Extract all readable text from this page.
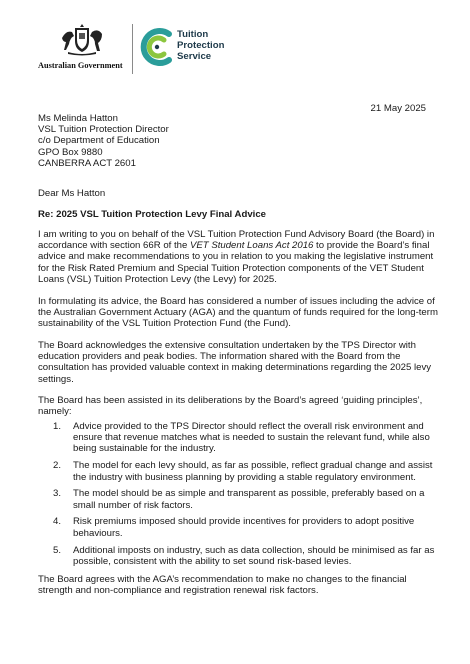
Australian Government
Tuition
Protection
Service
21 May 2025
Ms Melinda Hatton
VSL Tuition Protection Director
c/o Department of Education
GPO Box 9880
CANBERRA ACT 2601
Dear Ms Hatton
Re: 2025 VSL Tuition Protection Levy Final Advice

I am writing to you on behalf of the VSL Tuition Protection Fund Advisory Board (the Board) in accordance with section 66R of the VET Student Loans Act 2016 to provide the Board’s final advice and make recommendations to you in relation to you making the legislative instrument for the Risk Rated Premium and Special Tuition Protection components of the VET Student Loans (VSL) Tuition Protection Levy (the Levy) for 2025.

In formulating its advice, the Board has considered a number of issues including the advice of the Australian Government Actuary (AGA) and the quantum of funds required for the long-term sustainability of the VSL Tuition Protection Fund (the Fund).

The Board acknowledges the extensive consultation undertaken by the TPS Director with education providers and peak bodies. The information shared with the Board from the consultation has provided valuable context in making determinations regarding the 2025 levy settings.

The Board has been assisted in its deliberations by the Board’s agreed ‘guiding principles’, namely:

1. Advice provided to the TPS Director should reflect the overall risk environment and ensure that revenue matches what is needed to sustain the relevant fund, while also being sustainable for the industry.
2. The model for each levy should, as far as possible, reflect gradual change and assist the industry with business planning by providing a stable regulatory environment.
3. The model should be as simple and transparent as possible, preferably based on a small number of risk factors.
4. Risk premiums imposed should provide incentives for providers to adopt positive behaviours.
5. Additional imposts on industry, such as data collection, should be minimised as far as possible, consistent with the ability to set sound risk-based levies.

The Board agrees with the AGA’s recommendation to make no changes to the financial strength and non-compliance and registration renewal risk factors.
